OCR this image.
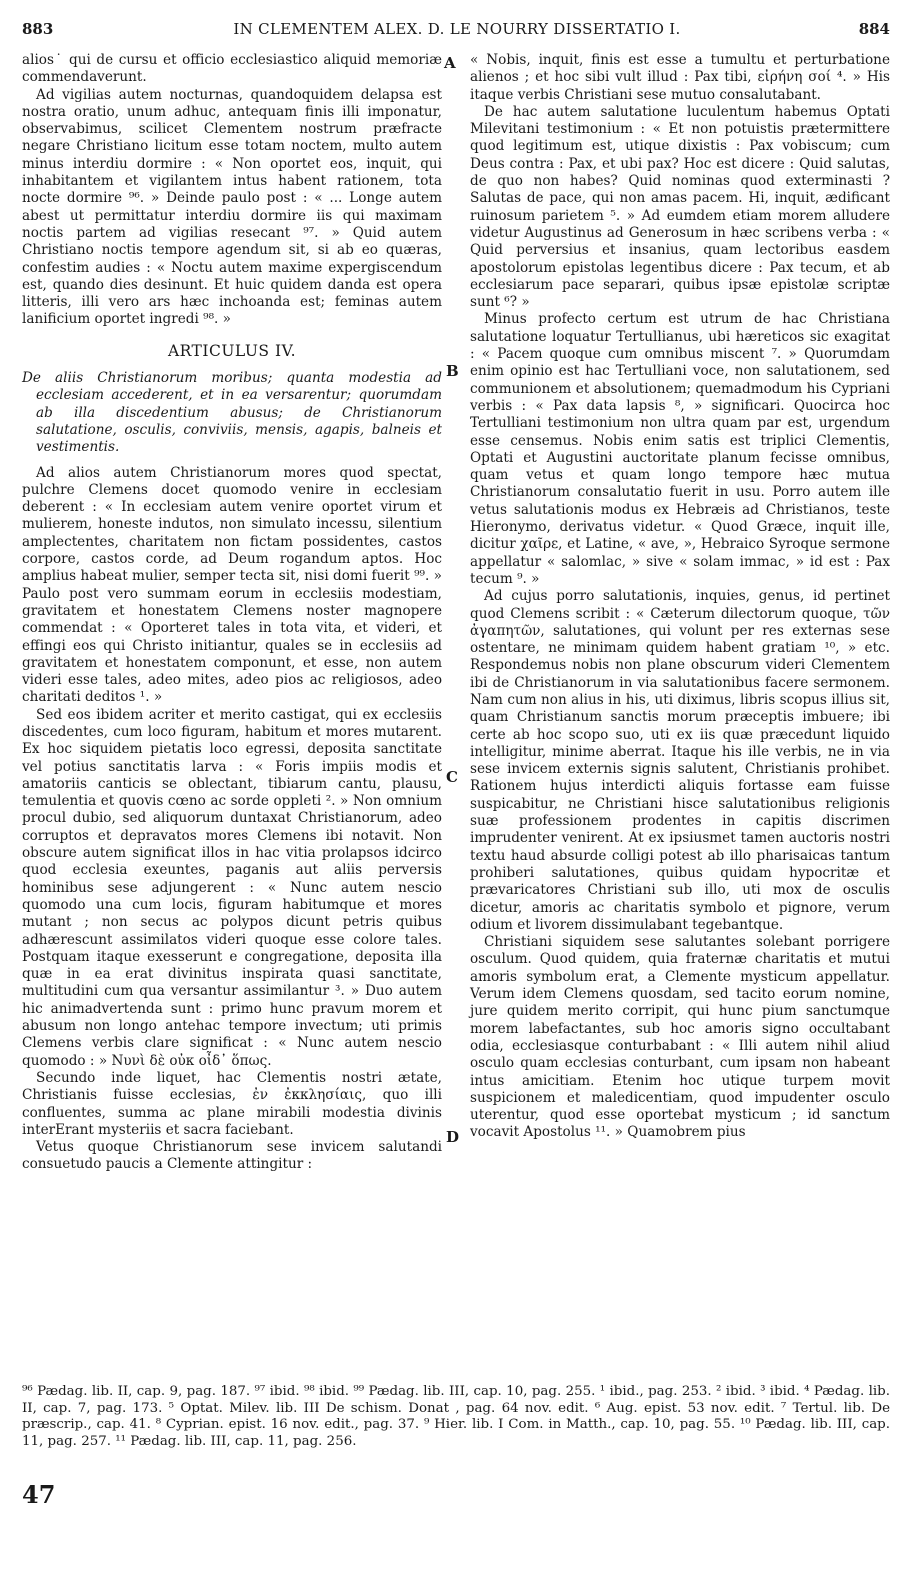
883	IN CLEMENTEM ALEX. D. LE NOURRY DISSERTATIO I.	884
A
B
C
D

alios˙ qui de cursu et officio ecclesiastico aliquid memoriæ commendaverunt.

Ad vigilias autem nocturnas, quandoquidem delapsa est nostra oratio, unum adhuc, antequam finis illi imponatur, observabimus, scilicet Clementem nostrum præfracte negare Christiano licitum esse totam noctem, multo autem minus interdiu dormire : « Non oportet eos, inquit, qui inhabitantem et vigilantem intus habent rationem, tota nocte dormire ⁹⁶. » Deinde paulo post : « ... Longe autem abest ut permittatur interdiu dormire iis qui maximam noctis partem ad vigilias resecant ⁹⁷. » Quid autem Christiano noctis tempore agendum sit, si ab eo quæras, confestim audies : « Noctu autem maxime expergiscendum est, quando dies desinunt. Et huic quidem danda est opera litteris, illi vero ars hæc inchoanda est; feminas autem lanificium oportet ingredi ⁹⁸. »

ARTICULUS IV.
De aliis Christianorum moribus; quanta modestia ad ecclesiam accederent, et in ea versarentur; quorumdam ab illa discedentium abusus; de Christianorum salutatione, osculis, conviviis, mensis, agapis, balneis et vestimentis.

Ad alios autem Christianorum mores quod spectat, pulchre Clemens docet quomodo venire in ecclesiam deberent : « In ecclesiam autem venire oportet virum et mulierem, honeste indutos, non simulato incessu, silentium amplectentes, charitatem non fictam possidentes, castos corpore, castos corde, ad Deum rogandum aptos. Hoc amplius habeat mulier, semper tecta sit, nisi domi fuerit ⁹⁹. » Paulo post vero summam eorum in ecclesiis modestiam, gravitatem et honestatem Clemens noster magnopere commendat : « Oporteret tales in tota vita, et videri, et effingi eos qui Christo initiantur, quales se in ecclesiis ad gravitatem et honestatem componunt, et esse, non autem videri esse tales, adeo mites, adeo pios ac religiosos, adeo charitati deditos ¹. »

Sed eos ibidem acriter et merito castigat, qui ex ecclesiis discedentes, cum loco figuram, habitum et mores mutarent. Ex hoc siquidem pietatis loco egressi, deposita sanctitate vel potius sanctitatis larva : « Foris impiis modis et amatoriis canticis se oblectant, tibiarum cantu, plausu, temulentia et quovis cœno ac sorde oppleti ². » Non omnium procul dubio, sed aliquorum duntaxat Christianorum, adeo corruptos et depravatos mores Clemens ibi notavit. Non obscure autem significat illos in hac vitia prolapsos idcirco quod ecclesia exeuntes, paganis aut aliis perversis hominibus sese adjungerent : « Nunc autem nescio quomodo una cum locis, figuram habitumque et mores mutant ; non secus ac polypos dicunt petris quibus adhærescunt assimilatos videri quoque esse colore tales. Postquam itaque exesserunt e congregatione, deposita illa quæ in ea erat divinitus inspirata quasi sanctitate, multitudini cum qua versantur assimilantur ³. » Duo autem hic animadvertenda sunt : primo hunc pravum morem et abusum non longo antehac tempore invectum; uti primis Clemens verbis clare significat : « Nunc autem nescio quomodo : » Νυνὶ δὲ οὐκ οἶδ᾽ ὅπως.

Secundo inde liquet, hac Clementis nostri ætate, Christianis fuisse ecclesias, ἐν ἐκκλησίαις, quo illi confluentes, summa ac plane mirabili modestia divinis interErant mysteriis et sacra faciebant.

Vetus quoque Christianorum sese invicem salutandi consuetudo paucis a Clemente attingitur :

« Nobis, inquit, finis est esse a tumultu et perturbatione alienos ; et hoc sibi vult illud : Pax tibi, εἰρήνη σοί ⁴. » His itaque verbis Christiani sese mutuo consalutabant.

De hac autem salutatione luculentum habemus Optati Milevitani testimonium : « Et non potuistis prætermittere quod legitimum est, utique dixistis : Pax vobiscum; cum Deus contra : Pax, et ubi pax? Hoc est dicere : Quid salutas, de quo non habes? Quid nominas quod exterminasti ? Salutas de pace, qui non amas pacem. Hi, inquit, ædificant ruinosum parietem ⁵. » Ad eumdem etiam morem alludere videtur Augustinus ad Generosum in hæc scribens verba : « Quid perversius et insanius, quam lectoribus easdem apostolorum epistolas legentibus dicere : Pax tecum, et ab ecclesiarum pace separari, quibus ipsæ epistolæ scriptæ sunt ⁶? »

Minus profecto certum est utrum de hac Christiana salutatione loquatur Tertullianus, ubi hæreticos sic exagitat : « Pacem quoque cum omnibus miscent ⁷. » Quorumdam enim opinio est hac Tertulliani voce, non salutationem, sed communionem et absolutionem; quemadmodum his Cypriani verbis : « Pax data lapsis ⁸, » significari. Quocirca hoc Tertulliani testimonium non ultra quam par est, urgendum esse censemus. Nobis enim satis est triplici Clementis, Optati et Augustini auctoritate planum fecisse omnibus, quam vetus et quam longo tempore hæc mutua Christianorum consalutatio fuerit in usu. Porro autem ille vetus salutationis modus ex Hebræis ad Christianos, teste Hieronymo, derivatus videtur. « Quod Græce, inquit ille, dicitur χαῖρε, et Latine, « ave, », Hebraico Syroque sermone appellatur « salomlac, » sive « solam immac, » id est : Pax tecum ⁹. »

Ad cujus porro salutationis, inquies, genus, id pertinet quod Clemens scribit : « Cæterum dilectorum quoque, τῶν ἀγαπητῶν, salutationes, qui volunt per res externas sese ostentare, ne minimam quidem habent gratiam ¹⁰, » etc. Respondemus nobis non plane obscurum videri Clementem ibi de Christianorum in via salutationibus facere sermonem. Nam cum non alius in his, uti diximus, libris scopus illius sit, quam Christianum sanctis morum præceptis imbuere; ibi certe ab hoc scopo suo, uti ex iis quæ præcedunt liquido intelligitur, minime aberrat. Itaque his ille verbis, ne in via sese invicem externis signis salutent, Christianis prohibet. Rationem hujus interdicti aliquis fortasse eam fuisse suspicabitur, ne Christiani hisce salutationibus religionis suæ professionem prodentes in capitis discrimen imprudenter venirent. At ex ipsiusmet tamen auctoris nostri textu haud absurde colligi potest ab illo pharisaicas tantum prohiberi salutationes, quibus quidam hypocritæ et prævaricatores Christiani sub illo, uti mox de osculis dicetur, amoris ac charitatis symbolo et pignore, verum odium et livorem dissimulabant tegebantque.

Christiani siquidem sese salutantes solebant porrigere osculum. Quod quidem, quia fraternæ charitatis et mutui amoris symbolum erat, a Clemente mysticum appellatur. Verum idem Clemens quosdam, sed tacito eorum nomine, jure quidem merito corripit, qui hunc pium sanctumque morem labefactantes, sub hoc amoris signo occultabant odia, ecclesiasque conturbabant : « Illi autem nihil aliud osculo quam ecclesias conturbant, cum ipsam non habeant intus amicitiam. Etenim hoc utique turpem movit suspicionem et maledicentiam, quod impudenter osculo uterentur, quod esse oportebat mysticum ; id sanctum vocavit Apostolus ¹¹. » Quamobrem pius

⁹⁶ Pædag. lib. II, cap. 9, pag. 187. ⁹⁷ ibid. ⁹⁸ ibid. ⁹⁹ Pædag. lib. III, cap. 10, pag. 255. ¹ ibid., pag. 253. ² ibid. ³ ibid. ⁴ Pædag. lib. II, cap. 7, pag. 173. ⁵ Optat. Milev. lib. III De schism. Donat , pag. 64 nov. edit. ⁶ Aug. epist. 53 nov. edit. ⁷ Tertul. lib. De præscrip., cap. 41. ⁸ Cyprian. epist. 16 nov. edit., pag. 37. ⁹ Hier. lib. I Com. in Matth., cap. 10, pag. 55. ¹⁰ Pædag. lib. III, cap. 11, pag. 257. ¹¹ Pædag. lib. III, cap. 11, pag. 256.

47
